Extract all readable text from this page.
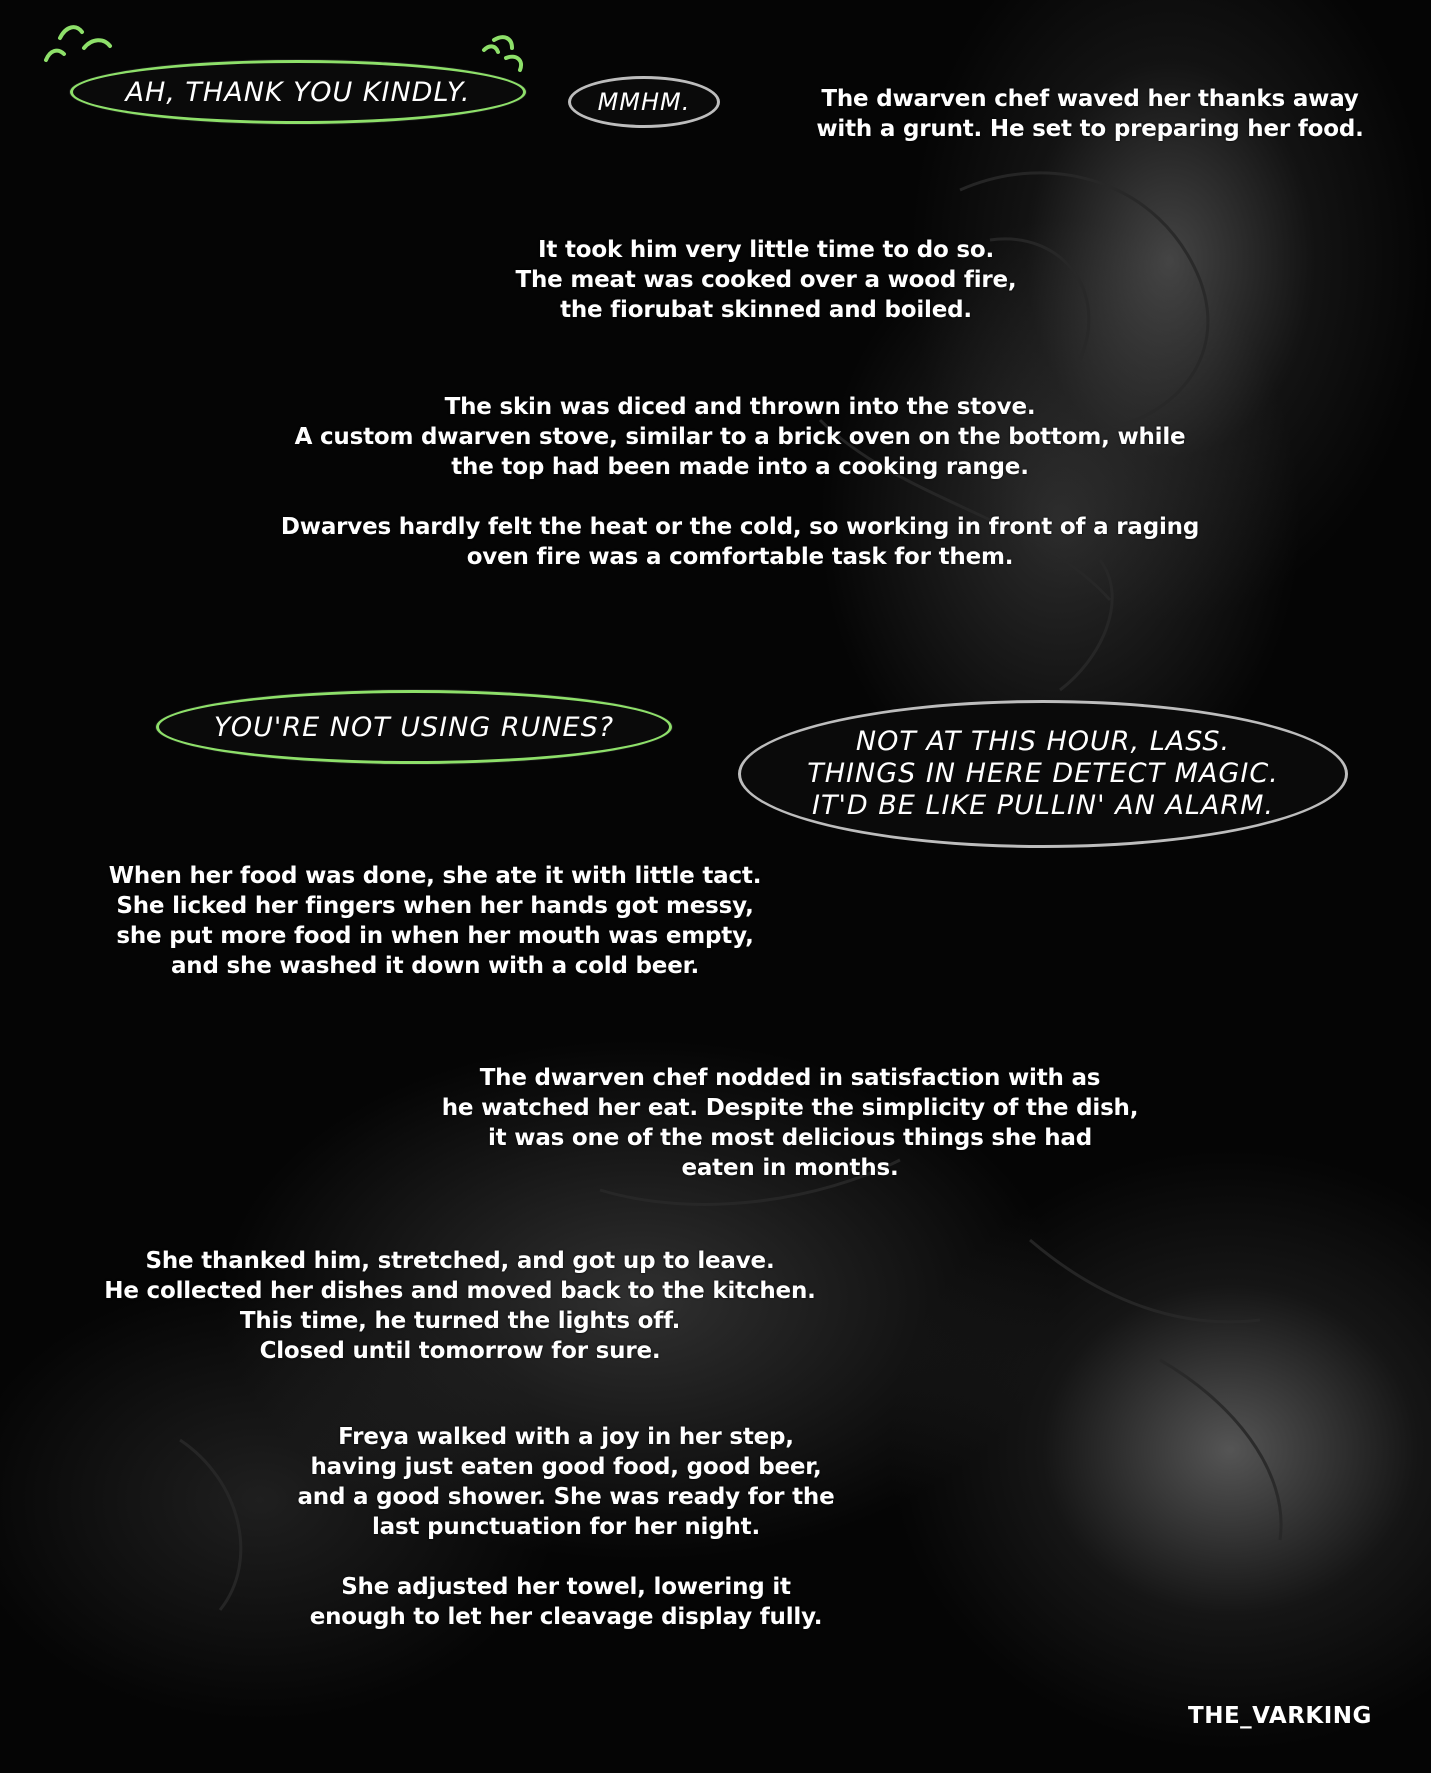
AH, THANK YOU KINDLY.	MMHM.	The dwarven chef waved her thanks away
with a grunt. He set to preparing her food.
It took him very little time to do so.
The meat was cooked over a wood fire,
the fiorubat skinned and boiled.
The skin was diced and thrown into the stove.
A custom dwarven stove, similar to a brick oven on the bottom, while
the top had been made into a cooking range.
Dwarves hardly felt the heat or the cold, so working in front of a raging
oven fire was a comfortable task for them.
YOU'RE NOT USING RUNES?	NOT AT THIS HOUR, LASS.
THINGS IN HERE DETECT MAGIC.
IT'D BE LIKE PULLIN' AN ALARM.
When her food was done, she ate it with little tact.
She licked her fingers when her hands got messy,
she put more food in when her mouth was empty,
and she washed it down with a cold beer.
The dwarven chef nodded in satisfaction with as
he watched her eat. Despite the simplicity of the dish,
it was one of the most delicious things she had
eaten in months.
She thanked him, stretched, and got up to leave.
He collected her dishes and moved back to the kitchen.
This time, he turned the lights off.
Closed until tomorrow for sure.
Freya walked with a joy in her step,
having just eaten good food, good beer,
and a good shower. She was ready for the
last punctuation for her night.
She adjusted her towel, lowering it
enough to let her cleavage display fully.
THE_VARKING
